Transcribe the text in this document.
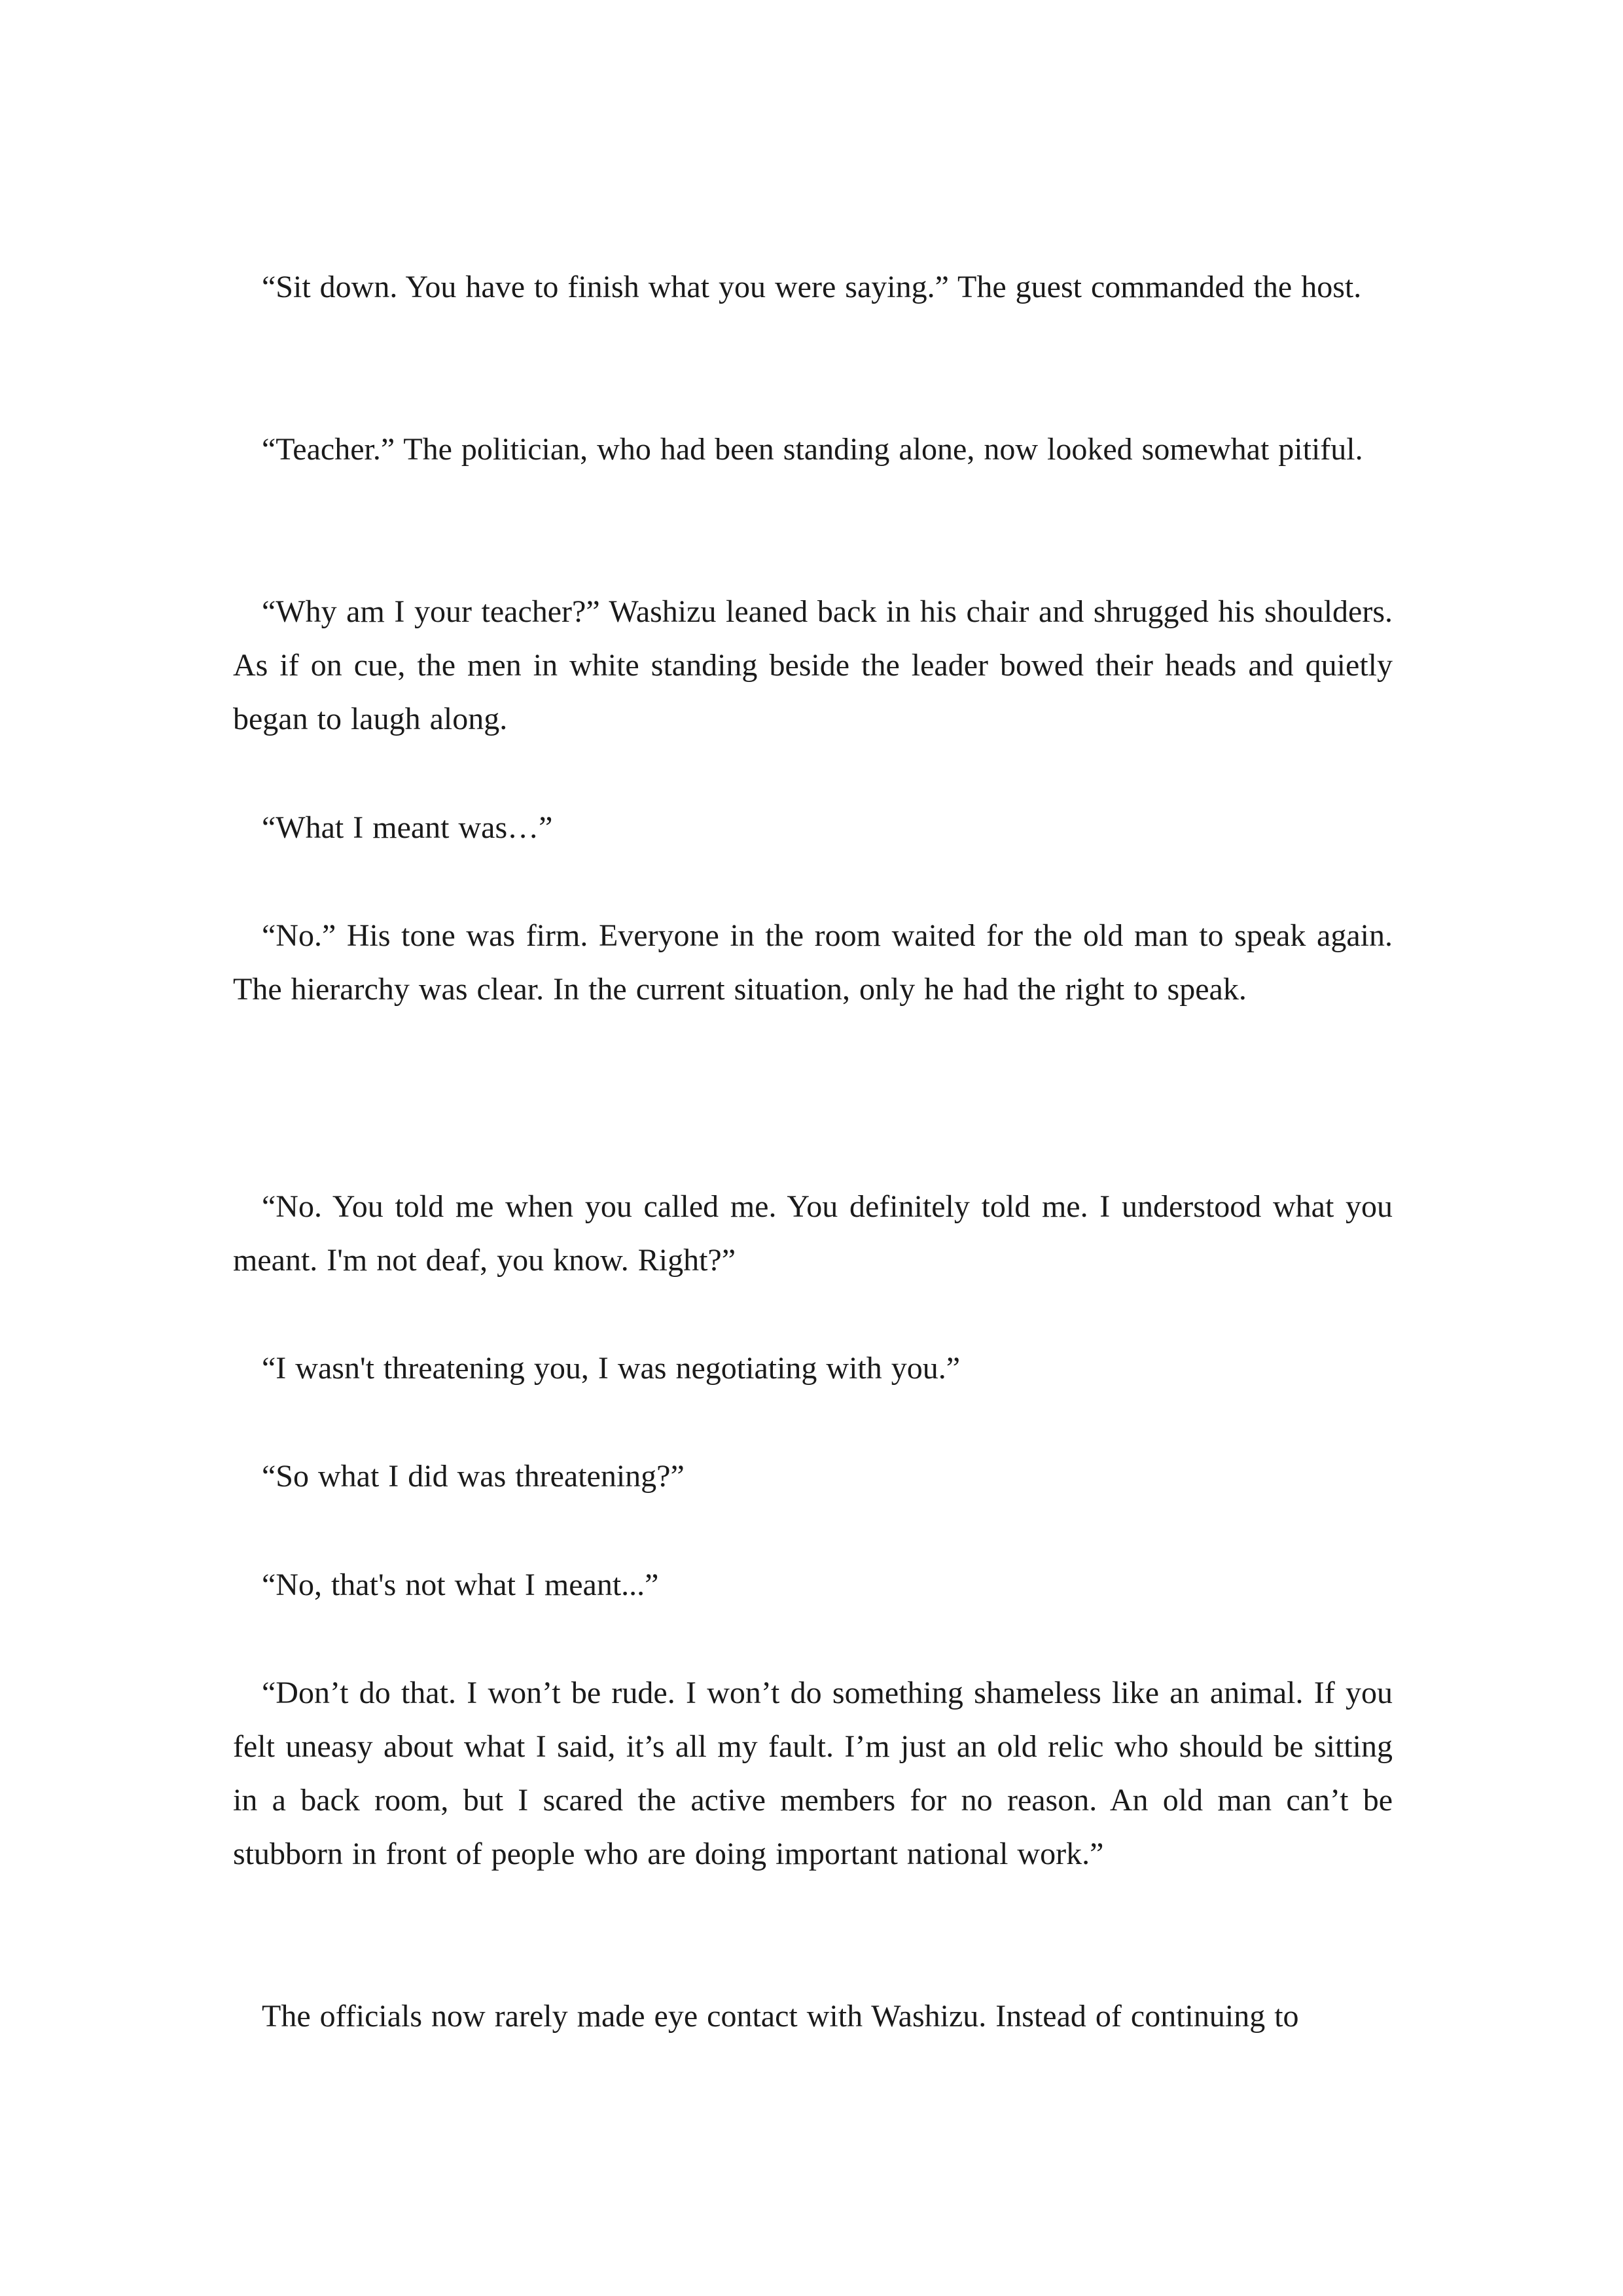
“Sit down. You have to finish what you were saying.” The guest commanded the host.

“Teacher.” The politician, who had been standing alone, now looked somewhat pitiful.

“Why am I your teacher?” Washizu leaned back in his chair and shrugged his shoulders. As if on cue, the men in white standing beside the leader bowed their heads and quietly began to laugh along.

“What I meant was…”

“No.” His tone was firm. Everyone in the room waited for the old man to speak again. The hierarchy was clear. In the current situation, only he had the right to speak.

“No. You told me when you called me. You definitely told me. I understood what you meant. I'm not deaf, you know. Right?”

“I wasn't threatening you, I was negotiating with you.”

“So what I did was threatening?”

“No, that's not what I meant...”

“Don’t do that. I won’t be rude. I won’t do something shameless like an animal. If you felt uneasy about what I said, it’s all my fault. I’m just an old relic who should be sitting in a back room, but I scared the active members for no reason. An old man can’t be stubborn in front of people who are doing important national work.”

The officials now rarely made eye contact with Washizu. Instead of continuing to
